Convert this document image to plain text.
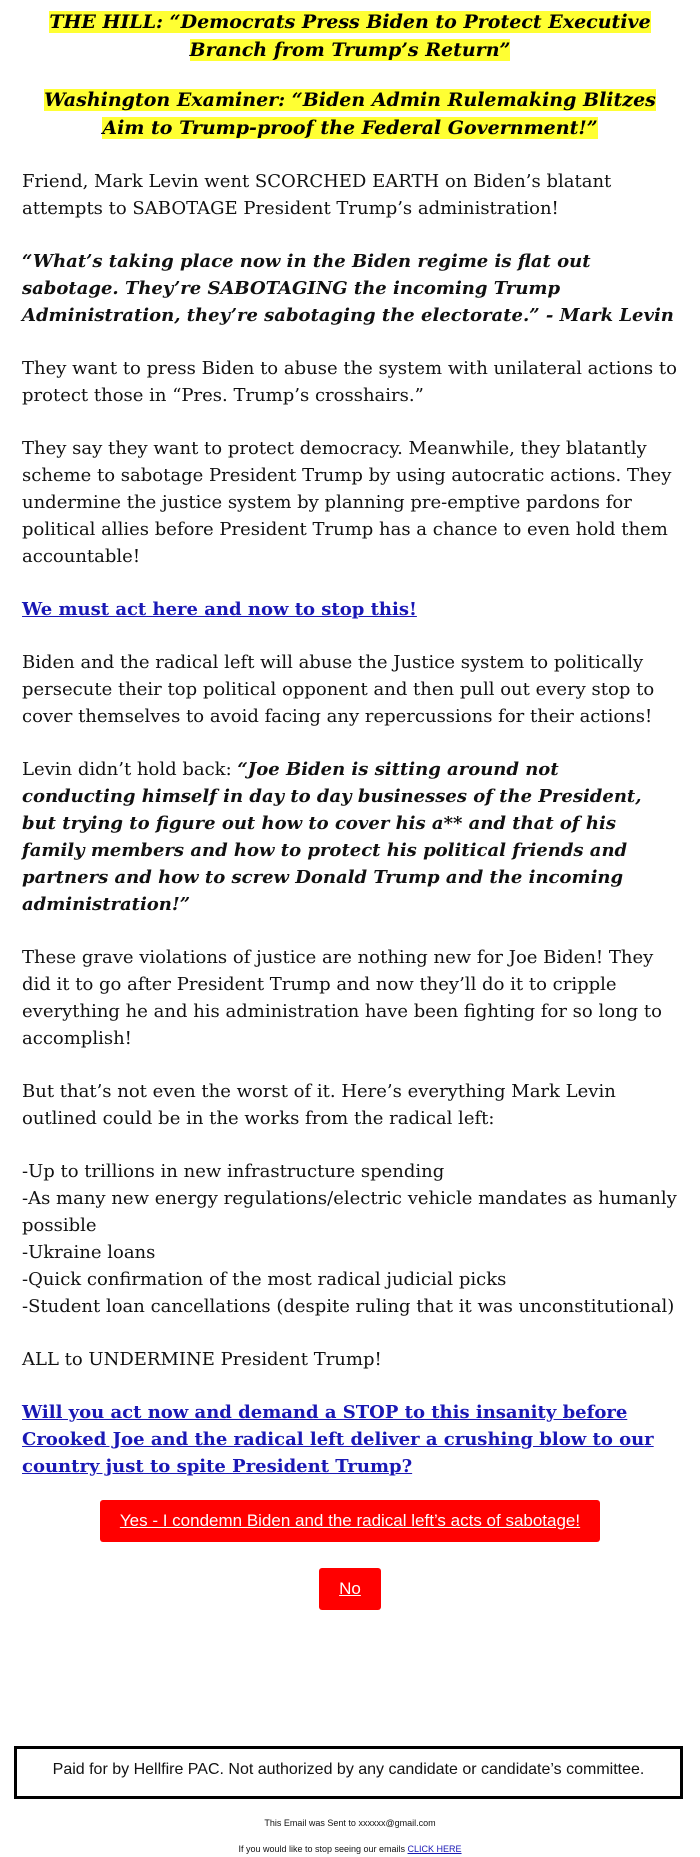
THE HILL: “Democrats Press Biden to Protect Executive Branch from Trump’s Return”
Washington Examiner: “Biden Admin Rulemaking Blitzes Aim to Trump-proof the Federal Government!”
Friend, Mark Levin went SCORCHED EARTH on Biden’s blatant attempts to SABOTAGE President Trump’s administration!
“What’s taking place now in the Biden regime is flat out sabotage. They’re SABOTAGING the incoming Trump Administration, they’re sabotaging the electorate.” - Mark Levin
They want to press Biden to abuse the system with unilateral actions to protect those in “Pres. Trump’s crosshairs.”
They say they want to protect democracy. Meanwhile, they blatantly scheme to sabotage President Trump by using autocratic actions. They undermine the justice system by planning pre-emptive pardons for political allies before President Trump has a chance to even hold them accountable!
We must act here and now to stop this!
Biden and the radical left will abuse the Justice system to politically persecute their top political opponent and then pull out every stop to cover themselves to avoid facing any repercussions for their actions!
Levin didn’t hold back: “Joe Biden is sitting around not conducting himself in day to day businesses of the President, but trying to figure out how to cover his a** and that of his family members and how to protect his political friends and partners and how to screw Donald Trump and the incoming administration!”
These grave violations of justice are nothing new for Joe Biden! They did it to go after President Trump and now they’ll do it to cripple everything he and his administration have been fighting for so long to accomplish!
But that’s not even the worst of it. Here’s everything Mark Levin outlined could be in the works from the radical left:
-Up to trillions in new infrastructure spending
-As many new energy regulations/electric vehicle mandates as humanly possible
-Ukraine loans
-Quick confirmation of the most radical judicial picks
-Student loan cancellations (despite ruling that it was unconstitutional)
ALL to UNDERMINE President Trump!
Will you act now and demand a STOP to this insanity before Crooked Joe and the radical left deliver a crushing blow to our country just to spite President Trump?
Yes - I condemn Biden and the radical left’s acts of sabotage!
No
Paid for by Hellfire PAC. Not authorized by any candidate or candidate’s committee.
This Email was Sent to xxxxxx@gmail.com
If you would like to stop seeing our emails CLICK HERE
